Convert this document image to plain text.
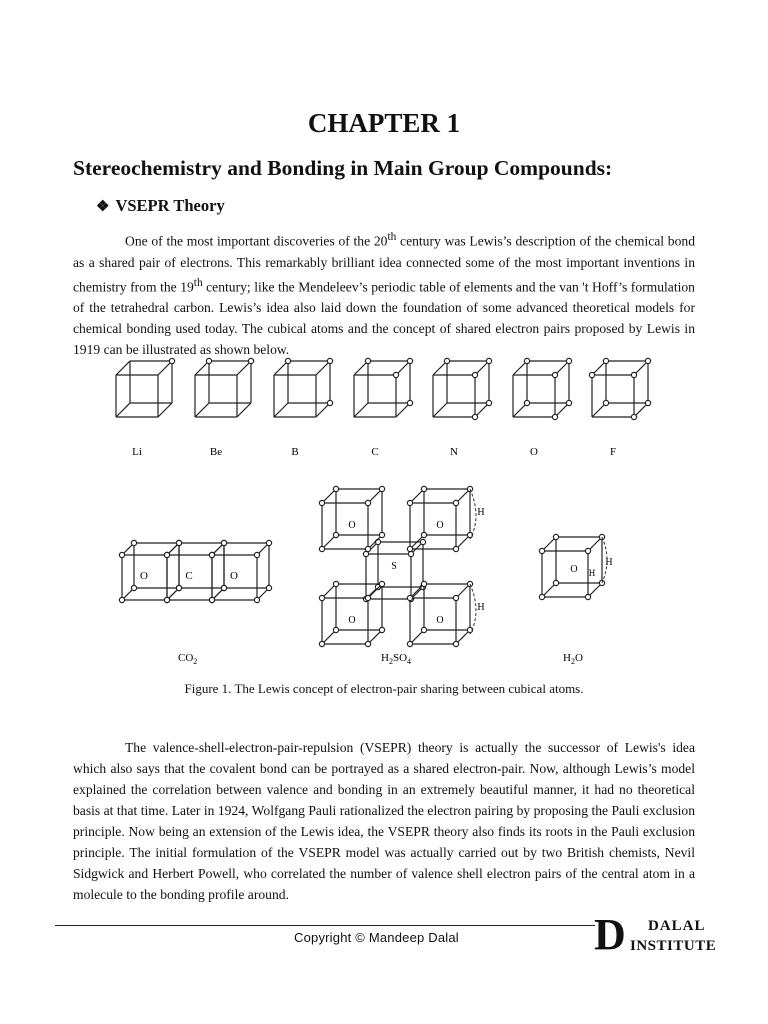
CHAPTER 1
Stereochemistry and Bonding in Main Group Compounds:
❖ VSEPR Theory

One of the most important discoveries of the 20th century was Lewis’s description of the chemical bond as a shared pair of electrons. This remarkably brilliant idea connected some of the most important inventions in chemistry from the 19th century; like the Mendeleev’s periodic table of elements and the van 't Hoff’s formulation of the tetrahedral carbon. Lewis’s idea also laid down the foundation of some advanced theoretical models for chemical bonding used today. The cubical atoms and the concept of shared electron pairs proposed by Lewis in 1919 can be illustrated as shown below.

Li	Be	B	C	N	O	F
O	C	O
S
O	O
O	O
H
H
O
H
H
$CO_2$	$H_2SO_4$	$H_2O$

Figure 1. The Lewis concept of electron-pair sharing between cubical atoms.

The valence-shell-electron-pair-repulsion (VSEPR) theory is actually the successor of Lewis's idea which also says that the covalent bond can be portrayed as a shared electron-pair. Now, although Lewis’s model explained the correlation between valence and bonding in an extremely beautiful manner, it had no theoretical basis at that time. Later in 1924, Wolfgang Pauli rationalized the electron pairing by proposing the Pauli exclusion principle. Now being an extension of the Lewis idea, the VSEPR theory also finds its roots in the Pauli exclusion principle. The initial formulation of the VSEPR model was actually carried out by two British chemists, Nevil Sidgwick and Herbert Powell, who correlated the number of valence shell electron pairs of the central atom in a molecule to the bonding profile around.

Copyright © Mandeep Dalal	D DALAL
INSTITUTE
